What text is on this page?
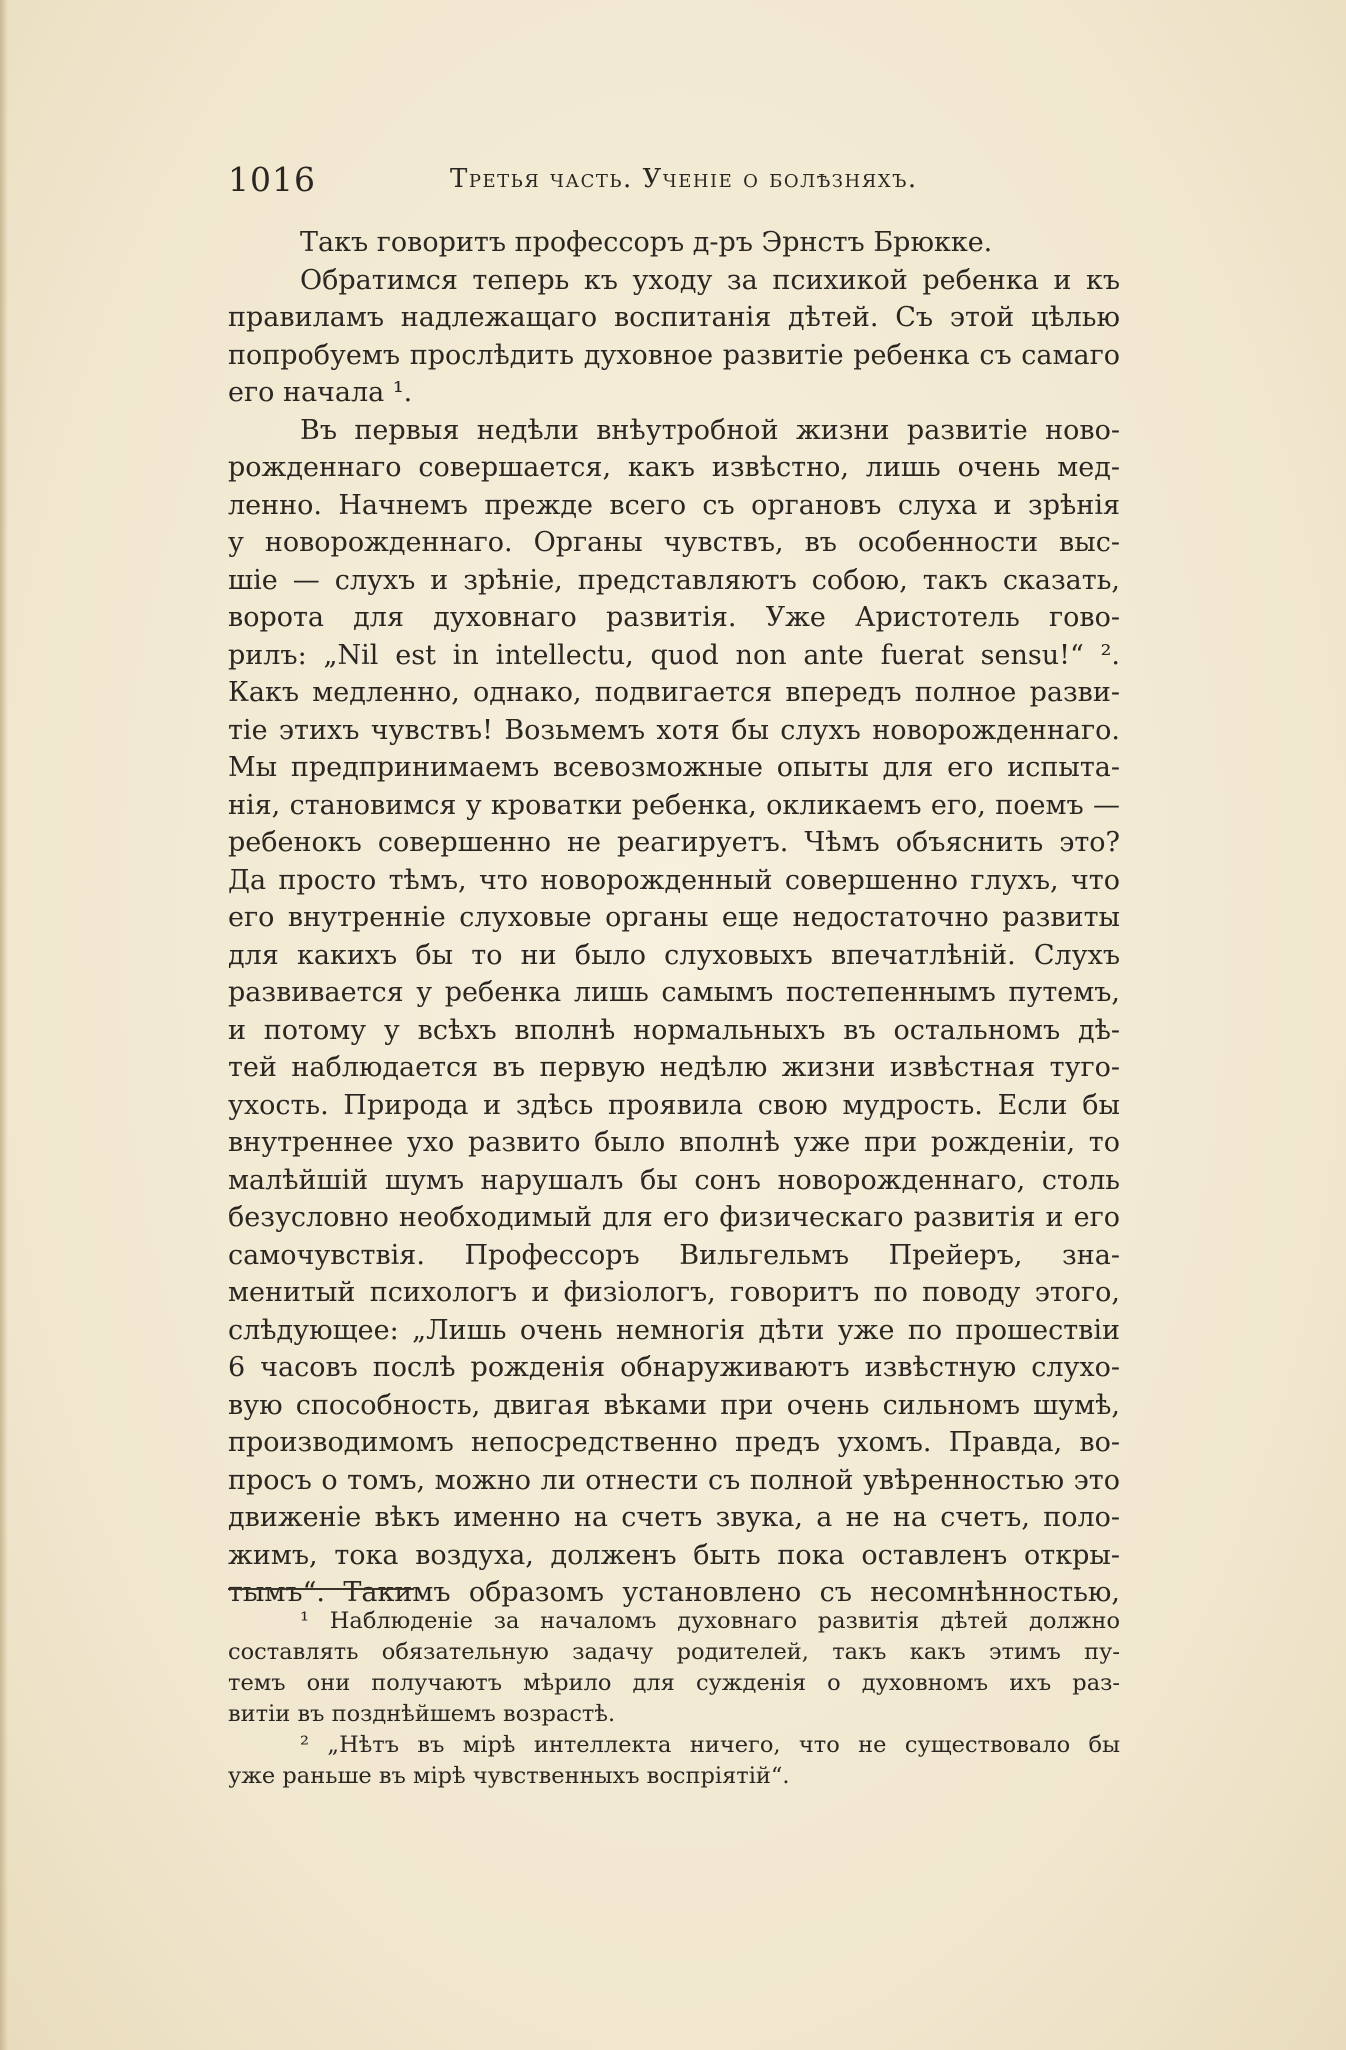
1016	Третья часть. Ученіе о болѣзняхъ.
Такъ говоритъ профессоръ д-ръ Эрнстъ Брюкке.
Обратимся теперь къ уходу за психикой ребенка и къ
правиламъ надлежащаго воспитанія дѣтей. Съ этой цѣлью
попробуемъ прослѣдить духовное развитіе ребенка съ самаго
его начала ¹.
Въ первыя недѣли внѣутробной жизни развитіе ново-
рожденнаго совершается, какъ извѣстно, лишь очень мед-
ленно. Начнемъ прежде всего съ органовъ слуха и зрѣнія
у новорожденнаго. Органы чувствъ, въ особенности выс-
шіе — слухъ и зрѣніе, представляютъ собою, такъ сказать,
ворота для духовнаго развитія. Уже Аристотель гово-
рилъ: „Nil est in intellectu, quod non ante fuerat sensu!“ ².
Какъ медленно, однако, подвигается впередъ полное разви-
тіе этихъ чувствъ! Возьмемъ хотя бы слухъ новорожденнаго.
Мы предпринимаемъ всевозможные опыты для его испыта-
нія, становимся у кроватки ребенка, окликаемъ его, поемъ —
ребенокъ совершенно не реагируетъ. Чѣмъ объяснить это?
Да просто тѣмъ, что новорожденный совершенно глухъ, что
его внутренніе слуховые органы еще недостаточно развиты
для какихъ бы то ни было слуховыхъ впечатлѣній. Слухъ
развивается у ребенка лишь самымъ постепеннымъ путемъ,
и потому у всѣхъ вполнѣ нормальныхъ въ остальномъ дѣ-
тей наблюдается въ первую недѣлю жизни извѣстная туго-
ухость. Природа и здѣсь проявила свою мудрость. Если бы
внутреннее ухо развито было вполнѣ уже при рожденіи, то
малѣйшій шумъ нарушалъ бы сонъ новорожденнаго, столь
безусловно необходимый для его физическаго развитія и его
самочувствія. Профессоръ Вильгельмъ Прейеръ, зна-
менитый психологъ и физіологъ, говоритъ по поводу этого,
слѣдующее: „Лишь очень немногія дѣти уже по прошествіи
6 часовъ послѣ рожденія обнаруживаютъ извѣстную слухо-
вую способность, двигая вѣками при очень сильномъ шумѣ,
производимомъ непосредственно предъ ухомъ. Правда, во-
просъ о томъ, можно ли отнести съ полной увѣренностью это
движеніе вѣкъ именно на счетъ звука, а не на счетъ, поло-
жимъ, тока воздуха, долженъ быть пока оставленъ откры-
тымъ“. Такимъ образомъ установлено съ несомнѣнностью,
¹ Наблюденіе за началомъ духовнаго развитія дѣтей должно
составлять обязательную задачу родителей, такъ какъ этимъ пу-
темъ они получаютъ мѣрило для сужденія о духовномъ ихъ раз-
витіи въ позднѣйшемъ возрастѣ.
² „Нѣтъ въ мірѣ интеллекта ничего, что не существовало бы
уже раньше въ мірѣ чувственныхъ воспріятій“.
